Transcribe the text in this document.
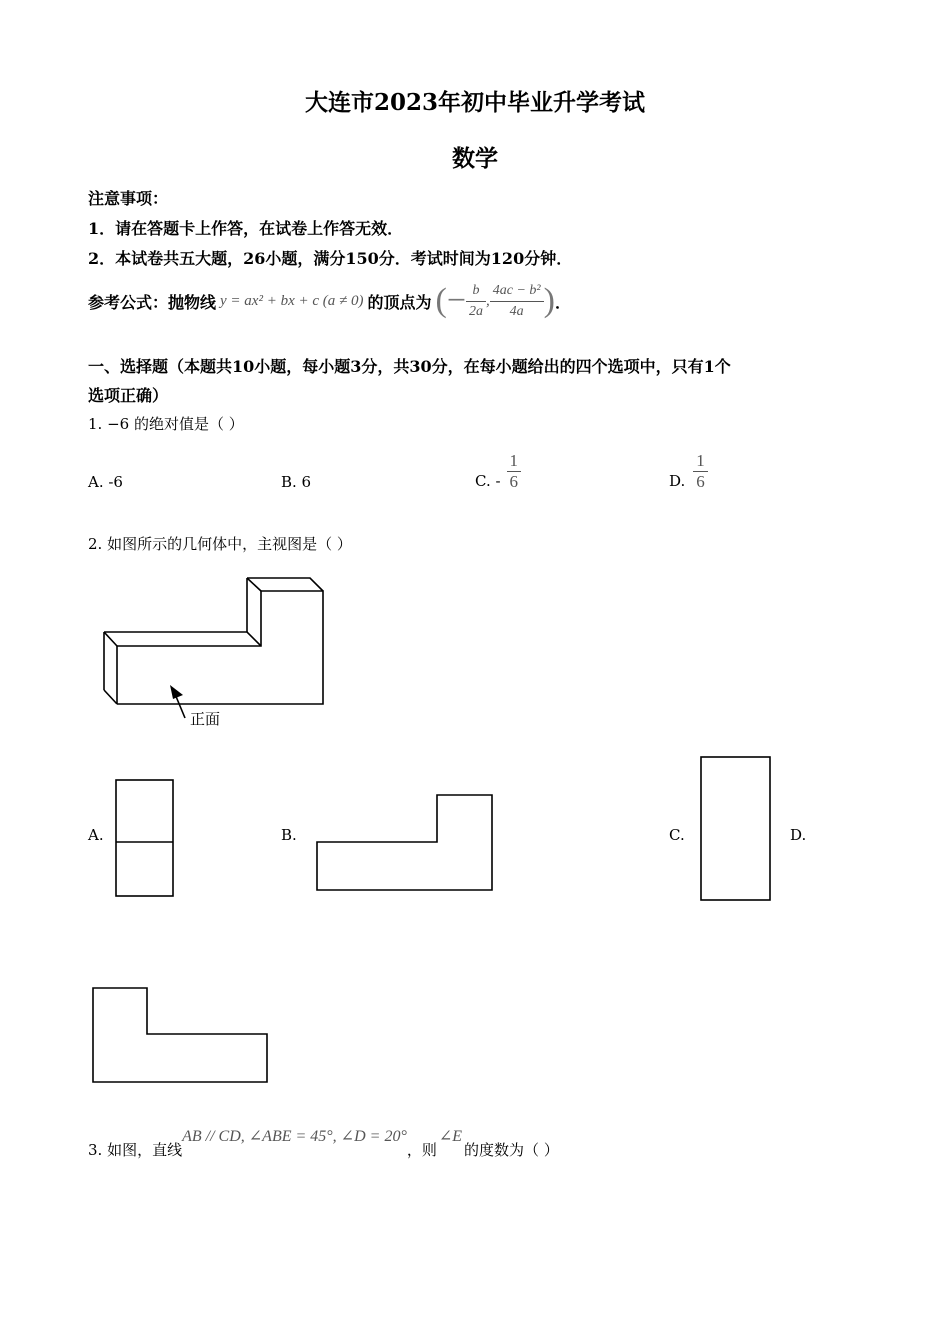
大连市2023年初中毕业升学考试
数学
注意事项：
1．请在答题卡上作答，在试卷上作答无效．
2．本试卷共五大题，26小题，满分150分．考试时间为120分钟．
参考公式：抛物线 y = ax² + bx + c (a ≠ 0) 的顶点为 (− $\frac{b}{2a}$ , $\frac{\text{4ac − b²}}{4a}$ ) ．
一、选择题（本题共10小题，每小题3分，共30分，在每小题给出的四个选项中，只有1个
选项正确）
1. −6 的绝对值是（ ）
A. -6	B. 6	C. - $\frac{1}{6}$	D. $\frac{1}{6}$
2. 如图所示的几何体中，主视图是（ ）
正面
A.	B.	C.	D.
3. 如图，直线
AB // CD, ∠ABE = 45°, ∠D = 20°
，则
∠E
的度数为（ ）
